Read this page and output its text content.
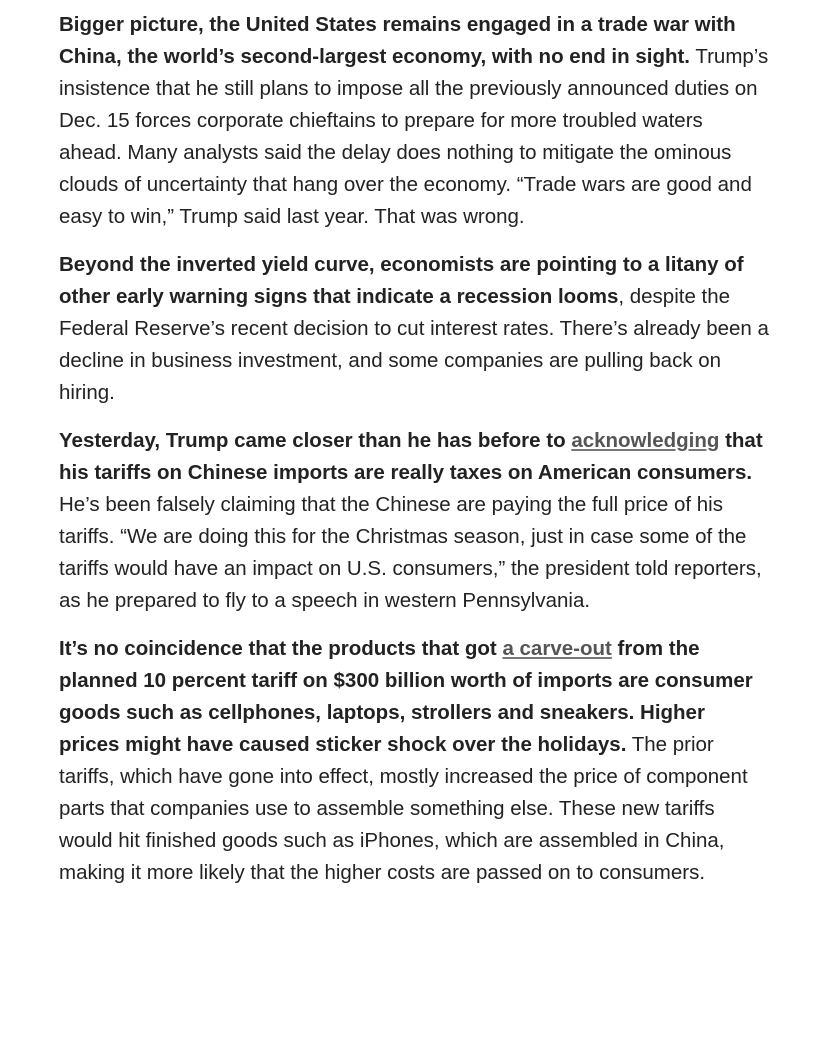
Bigger picture, the United States remains engaged in a trade war with China, the world’s second-largest economy, with no end in sight. Trump’s insistence that he still plans to impose all the previously announced duties on Dec. 15 forces corporate chieftains to prepare for more troubled waters ahead. Many analysts said the delay does nothing to mitigate the ominous clouds of uncertainty that hang over the economy. “Trade wars are good and easy to win,” Trump said last year. That was wrong.

Beyond the inverted yield curve, economists are pointing to a litany of other early warning signs that indicate a recession looms, despite the Federal Reserve’s recent decision to cut interest rates. There’s already been a decline in business investment, and some companies are pulling back on hiring.

Yesterday, Trump came closer than he has before to acknowledging that his tariffs on Chinese imports are really taxes on American consumers. He’s been falsely claiming that the Chinese are paying the full price of his tariffs. “We are doing this for the Christmas season, just in case some of the tariffs would have an impact on U.S. consumers,” the president told reporters, as he prepared to fly to a speech in western Pennsylvania.

It’s no coincidence that the products that got a carve-out from the planned 10 percent tariff on $300 billion worth of imports are consumer goods such as cellphones, laptops, strollers and sneakers. Higher prices might have caused sticker shock over the holidays. The prior tariffs, which have gone into effect, mostly increased the price of component parts that companies use to assemble something else. These new tariffs would hit finished goods such as iPhones, which are assembled in China, making it more likely that the higher costs are passed on to consumers.
